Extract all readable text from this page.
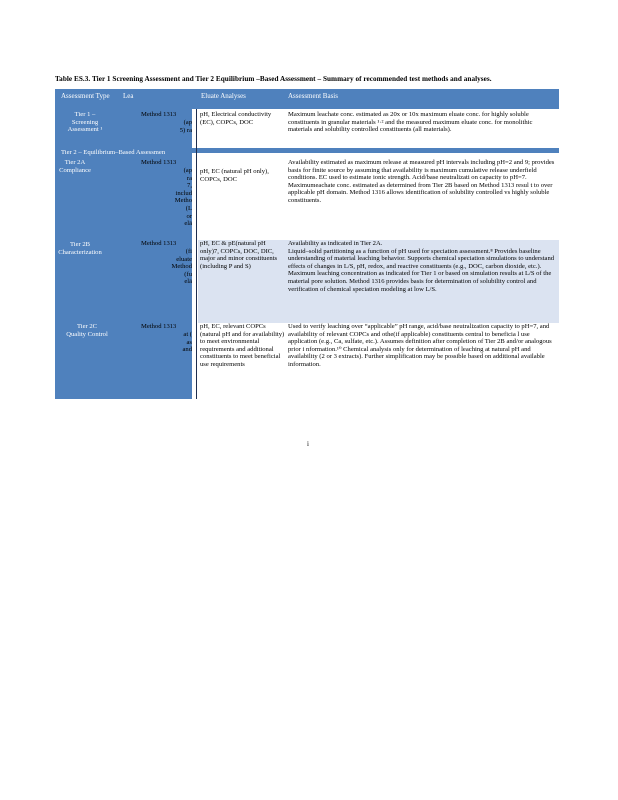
Table ES.3. Tier 1 Screening Assessment and Tier 2 Equilibrium –Based Assessment – Summary of recommended test methods and analyses.
Assessment Type Lea	Eluate Analyses	Assessment Basis
Tier 1 –
Screening
Assessment ¹
Method 1313
(ap
5) ra
pH, Electrical conductivity (EC), COPCs, DOC
Maximum leachate conc. estimated as 20x or 10x maximum eluate conc. for highly soluble constituents in granular materials ¹·² and the measured maximum eluate conc. for monolithic materials and solubility controlled constituents (all materials).
Tier 2 – Equilibrium–Based Assessmen
Tier 2A
Compliance
Method 1313
(ap
ra
7,
includ
Metho
(L
or
elā
pH, EC (natural pH only), COPCs, DOC
Availability estimated as maximum release at measured pH intervals including pH=2 and 9; provides basis for finite source by assuming that availability is maximum cumulative release underfield conditions. EC used to estimate ionic strength. Acid/base neutralizati on capacity to pH=7. Maximumeachate conc. estimated as determined from Tier 2B based on Method 1313 resul t to over applicable pH domain. Method 1316 allows identification of solubility controlled vs highly soluble constituents.
Tier 2B
Characterization
Method 1313
(fi
eluate
Method
(fu
elā
pH, EC & pE(natural pH only)7, COPCs, DOC, DIC, major and minor constituents (including P and S)
Availability as indicated in Tier 2A.
Liquid–solid partitioning as a function of pH used for speciation assessment.⁸ Provides baseline understanding of material leaching behavior. Supports chemical speciation simulations to understand effects of changes in L/S, pH, redox, and reactive constituents (e.g., DOC, carbon dioxide, etc.). Maximum leaching concentration as indicated for Tier 1 or based on simulation results at L/S of the material pore solution. Method 1316 provides basis for determination of solubility control and verification of chemical speciation modeling at low L/S.
Tier 2C
Quality Control
Method 1313
at (
as
and
pH, EC, relevant COPCs (natural pH and for availability) to meet environmental requirements and additional constituents to meet beneficial use requirements
Used to verify leaching over “applicable” pH range, acid/base neutralization capacity to pH=7, and availability of relevant COPCs and othe(if applicable) constituents central to beneficia l use application (e.g., Ca, sulfate, etc.). Assumes definition after completion of Tier 2B and/or analogous prior i nformation.¹⁰ Chemical analysis only for determination of leaching at natural pH and availability (2 or 3 extracts). Further simplification may be possible based on additional available information.
i
